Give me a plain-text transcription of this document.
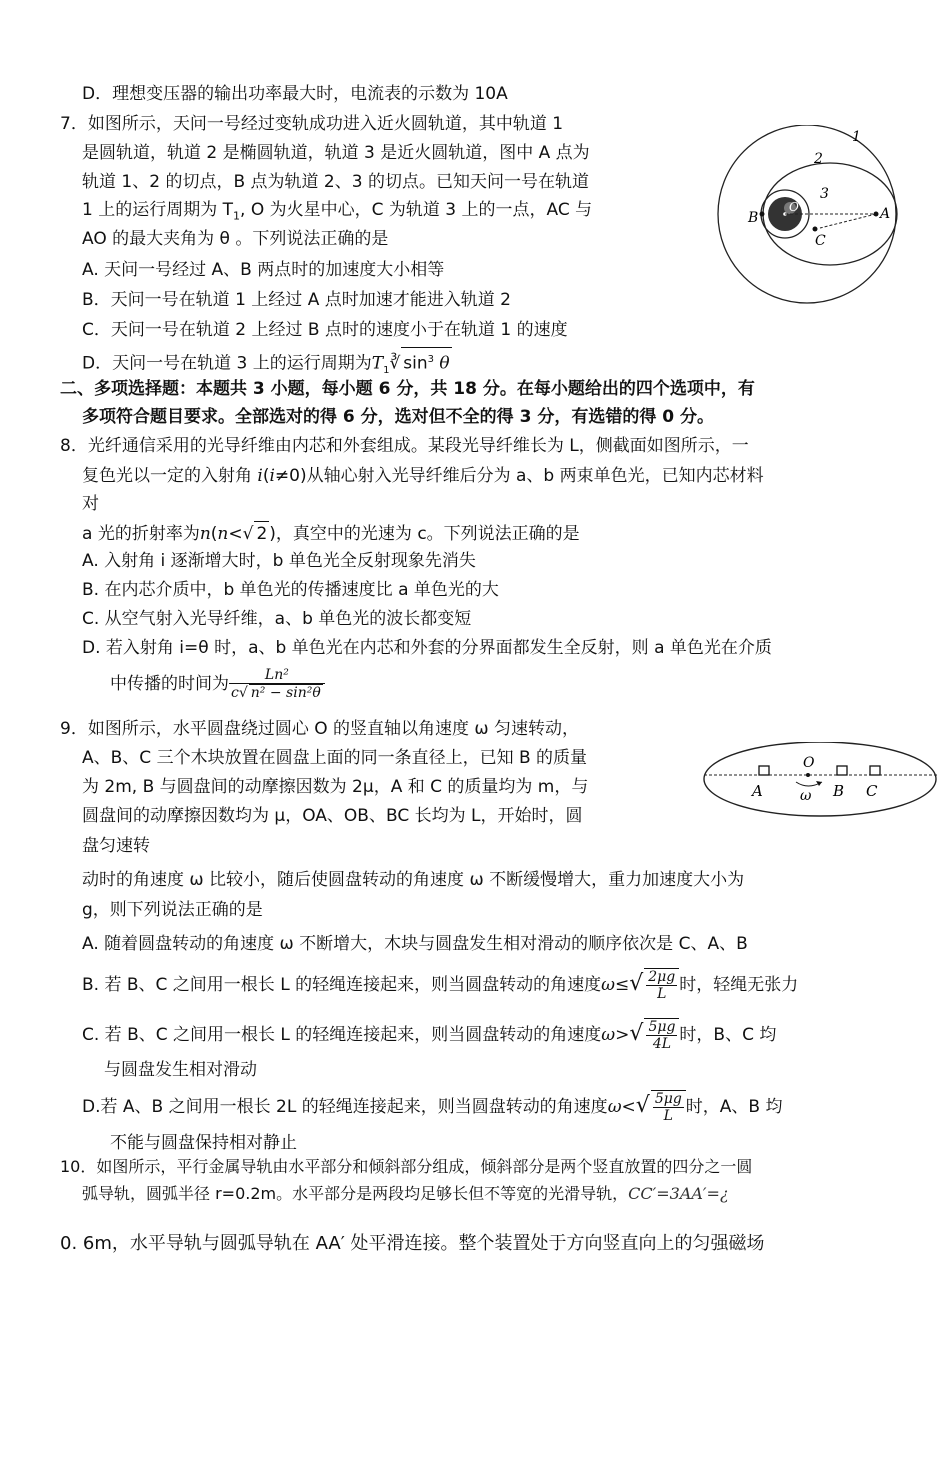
D．理想变压器的输出功率最大时，电流表的示数为 10A
7．如图所示，天问一号经过变轨成功进入近火圆轨道，其中轨道 1
是圆轨道，轨道 2 是椭圆轨道，轨道 3 是近火圆轨道，图中 A 点为
轨道 1、2 的切点，B 点为轨道 2、3 的切点。已知天问一号在轨道
1 上的运行周期为 $T_1$, O 为火星中心，C 为轨道 3 上的一点，AC 与
AO 的最大夹角为 θ 。下列说法正确的是
A. 天问一号经过 A、B 两点时的加速度大小相等
B．天问一号在轨道 1 上经过 A 点时加速才能进入轨道 2
C．天问一号在轨道 2 上经过 B 点时的速度小于在轨道 1 的速度
D．天问一号在轨道 3 上的运行周期为$T_1∛$ $\sin^3 \theta$
1
2
3
O	A
B
C
二、多项选择题：本题共 3 小题，每小题 6 分，共 18 分。在每小题给出的四个选项中，有
多项符合题目要求。全部选对的得 6 分，选对但不全的得 3 分，有选错的得 0 分。
8．光纤通信采用的光导纤维由内芯和外套组成。某段光导纤维长为 L，侧截面如图所示，一
复色光以一定的入射角 i(i≠0)从轴心射入光导纤维后分为 a、b 两束单色光，已知内芯材料
对
a 光的折射率为n(n<√ 2 )，真空中的光速为 c。下列说法正确的是
A. 入射角 i 逐渐增大时，b 单色光全反射现象先消失
B. 在内芯介质中，b 单色光的传播速度比 a 单色光的大
C. 从空气射入光导纤维，a、b 单色光的波长都变短
D. 若入射角 i=θ 时，a、b 单色光在内芯和外套的分界面都发生全反射，则 a 单色光在介质
中传播的时间为 $\frac{\text{Ln²}}{\text{c√ n² − sin²θ}}$
9．如图所示，水平圆盘绕过圆心 O 的竖直轴以角速度 ω 匀速转动，
A、B、C 三个木块放置在圆盘上面的同一条直径上，已知 B 的质量
为 2m, B 与圆盘间的动摩擦因数为 2μ，A 和 C 的质量均为 m，与
圆盘间的动摩擦因数均为 μ，OA、OB、BC 长均为 L，开始时，圆
盘匀速转
动时的角速度 ω 比较小，随后使圆盘转动的角速度 ω 不断缓慢增大，重力加速度大小为
g，则下列说法正确的是
A. 随着圆盘转动的角速度 ω 不断增大，木块与圆盘发生相对滑动的顺序依次是 C、A、B
B. 若 B、C 之间用一根长 L 的轻绳连接起来，则当圆盘转动的角速度$\omega\le√ \frac{2\mu g}{L}$ 时，轻绳无张力
C. 若 B、C 之间用一根长 L 的轻绳连接起来，则当圆盘转动的角速度$\omega>√ \frac{5\mu g}{4L}$ 时，B、C 均
与圆盘发生相对滑动
D.若 A、B 之间用一根长 2L 的轻绳连接起来，则当圆盘转动的角速度$\omega<√ \frac{5\mu g}{L}$ 时，A、B 均
不能与圆盘保持相对静止
O
A	ω B C
10．如图所示，平行金属导轨由水平部分和倾斜部分组成，倾斜部分是两个竖直放置的四分之一圆
弧导轨，圆弧半径 r=0.2m。水平部分是两段均足够长但不等宽的光滑导轨，CC′=3AA′=¿
0. 6m，水平导轨与圆弧导轨在 AA′ 处平滑连接。整个装置处于方向竖直向上的匀强磁场
